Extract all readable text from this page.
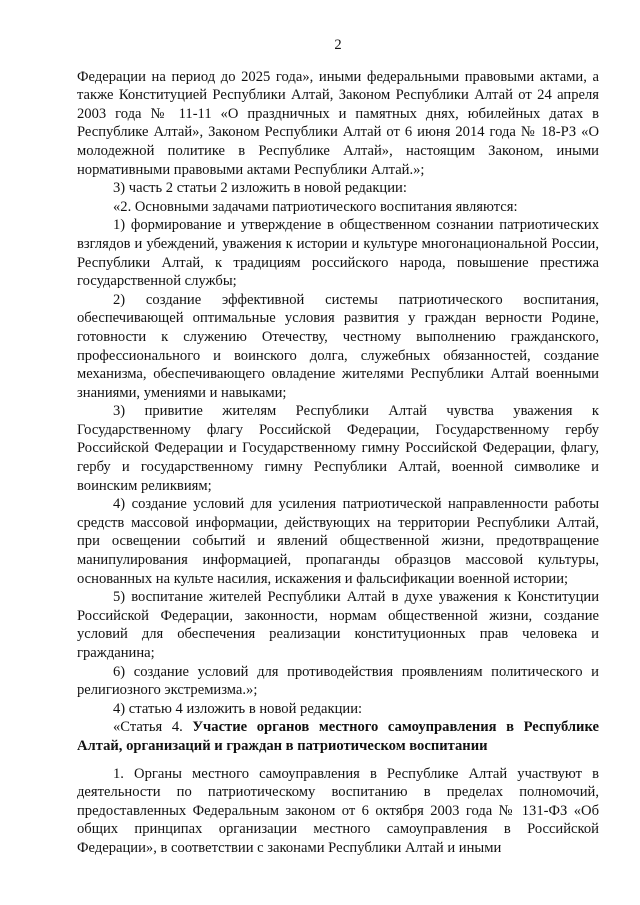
2

Федерации на период до 2025 года», иными федеральными правовыми актами, а также Конституцией Республики Алтай, Законом Республики Алтай от 24 апреля 2003 года № 11-11 «О праздничных и памятных днях, юбилейных датах в Республике Алтай», Законом Республики Алтай от 6 июня 2014 года № 18-РЗ «О молодежной политике в Республике Алтай», настоящим Законом, иными нормативными правовыми актами Республики Алтай.»;

3) часть 2 статьи 2 изложить в новой редакции:

«2. Основными задачами патриотического воспитания являются:

1) формирование и утверждение в общественном сознании патриотических взглядов и убеждений, уважения к истории и культуре многонациональной России, Республики Алтай, к традициям российского народа, повышение престижа государственной службы;

2) создание эффективной системы патриотического воспитания, обеспечивающей оптимальные условия развития у граждан верности Родине, готовности к служению Отечеству, честному выполнению гражданского, профессионального и воинского долга, служебных обязанностей, создание механизма, обеспечивающего овладение жителями Республики Алтай военными знаниями, умениями и навыками;

3) привитие жителям Республики Алтай чувства уважения к Государственному флагу Российской Федерации, Государственному гербу Российской Федерации и Государственному гимну Российской Федерации, флагу, гербу и государственному гимну Республики Алтай, военной символике и воинским реликвиям;

4) создание условий для усиления патриотической направленности работы средств массовой информации, действующих на территории Республики Алтай, при освещении событий и явлений общественной жизни, предотвращение манипулирования информацией, пропаганды образцов массовой культуры, основанных на культе насилия, искажения и фальсификации военной истории;

5) воспитание жителей Республики Алтай в духе уважения к Конституции Российской Федерации, законности, нормам общественной жизни, создание условий для обеспечения реализации конституционных прав человека и гражданина;

6) создание условий для противодействия проявлениям политического и религиозного экстремизма.»;

4) статью 4 изложить в новой редакции:

«Статья 4. Участие органов местного самоуправления в Республике Алтай, организаций и граждан в патриотическом воспитании

1. Органы местного самоуправления в Республике Алтай участвуют в деятельности по патриотическому воспитанию в пределах полномочий, предоставленных Федеральным законом от 6 октября 2003 года № 131-ФЗ «Об общих принципах организации местного самоуправления в Российской Федерации», в соответствии с законами Республики Алтай и иными
